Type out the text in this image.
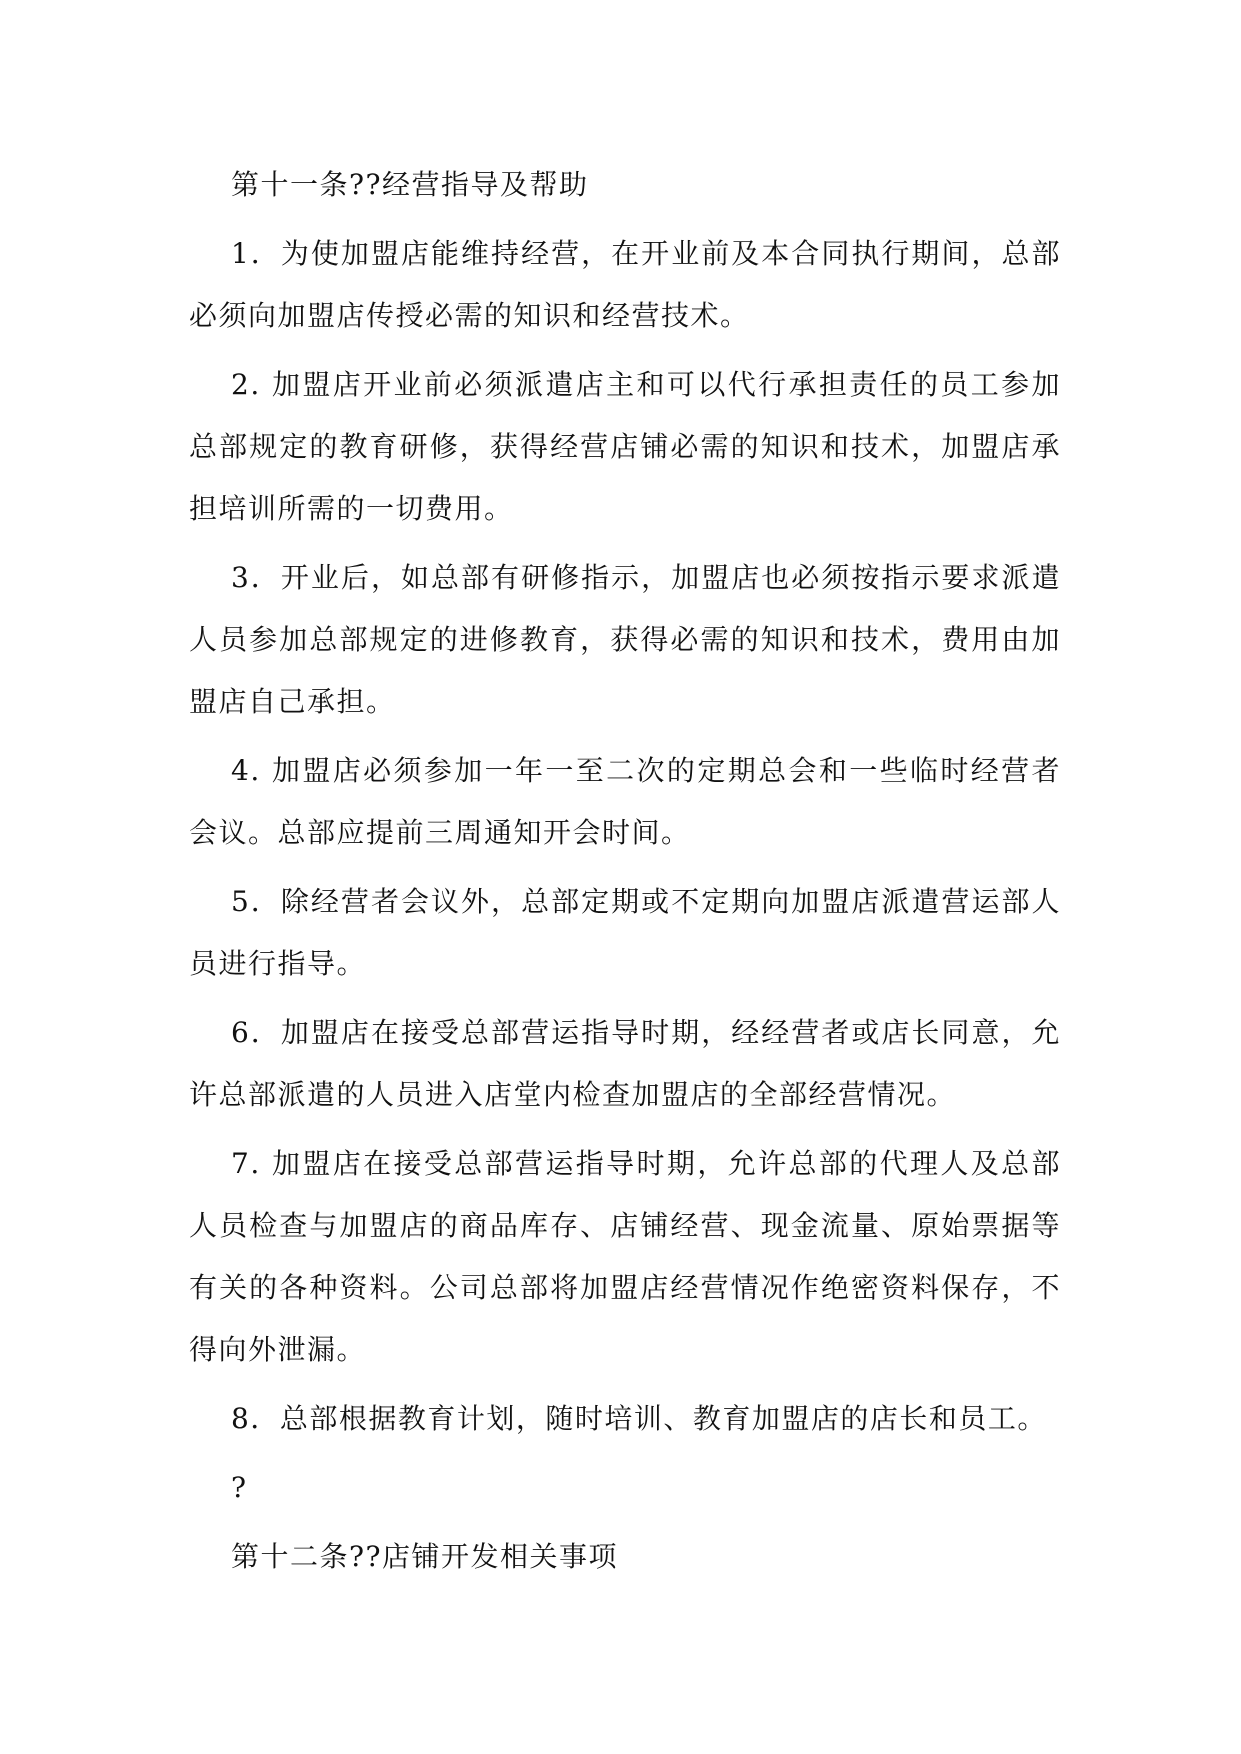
第十一条??经营指导及帮助

1．为使加盟店能维持经营，在开业前及本合同执行期间，总部必须向加盟店传授必需的知识和经营技术。

2. 加盟店开业前必须派遣店主和可以代行承担责任的员工参加总部规定的教育研修，获得经营店铺必需的知识和技术，加盟店承担培训所需的一切费用。

3．开业后，如总部有研修指示，加盟店也必须按指示要求派遣人员参加总部规定的进修教育，获得必需的知识和技术，费用由加盟店自己承担。

4. 加盟店必须参加一年一至二次的定期总会和一些临时经营者会议。总部应提前三周通知开会时间。

5．除经营者会议外，总部定期或不定期向加盟店派遣营运部人员进行指导。

6．加盟店在接受总部营运指导时期，经经营者或店长同意，允许总部派遣的人员进入店堂内检查加盟店的全部经营情况。

7. 加盟店在接受总部营运指导时期，允许总部的代理人及总部人员检查与加盟店的商品库存、店铺经营、现金流量、原始票据等有关的各种资料。公司总部将加盟店经营情况作绝密资料保存，不得向外泄漏。

8．总部根据教育计划，随时培训、教育加盟店的店长和员工。

?

第十二条??店铺开发相关事项
